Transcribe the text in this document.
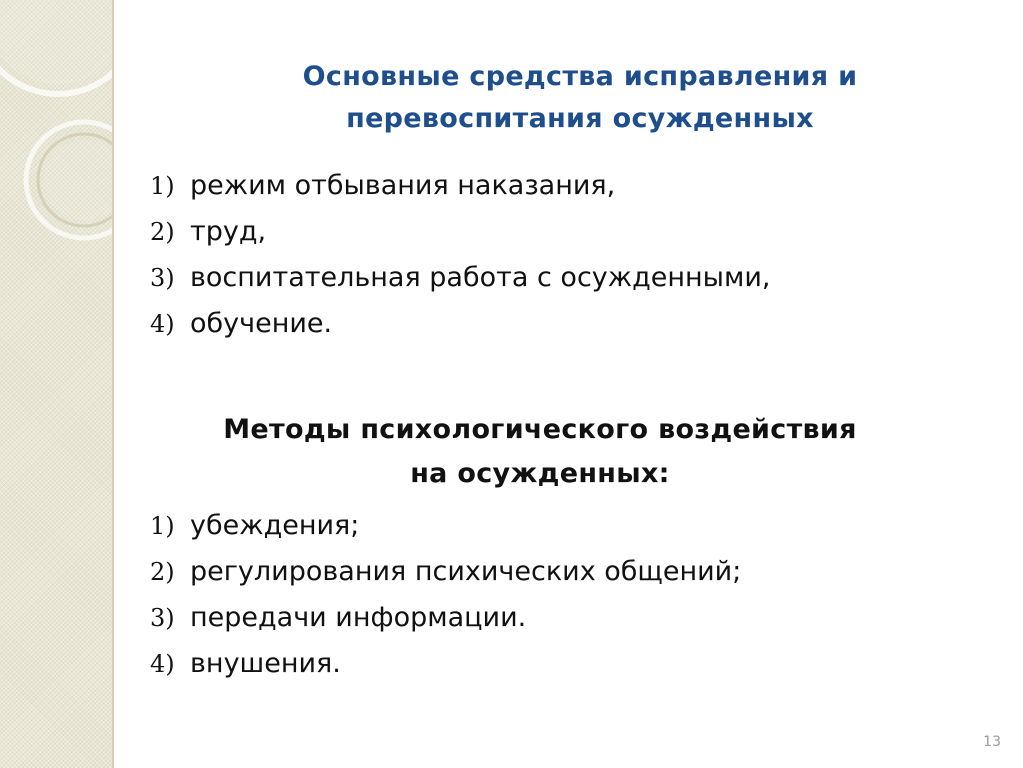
Основные средства исправления и
перевоспитания осужденных
1) режим отбывания наказания,
2) труд,
3) воспитательная работа с осужденными,
4) обучение.
Методы психологического воздействия
на осужденных:
1) убеждения;
2) регулирования психических общений;
3) передачи информации.
4) внушения.
13
